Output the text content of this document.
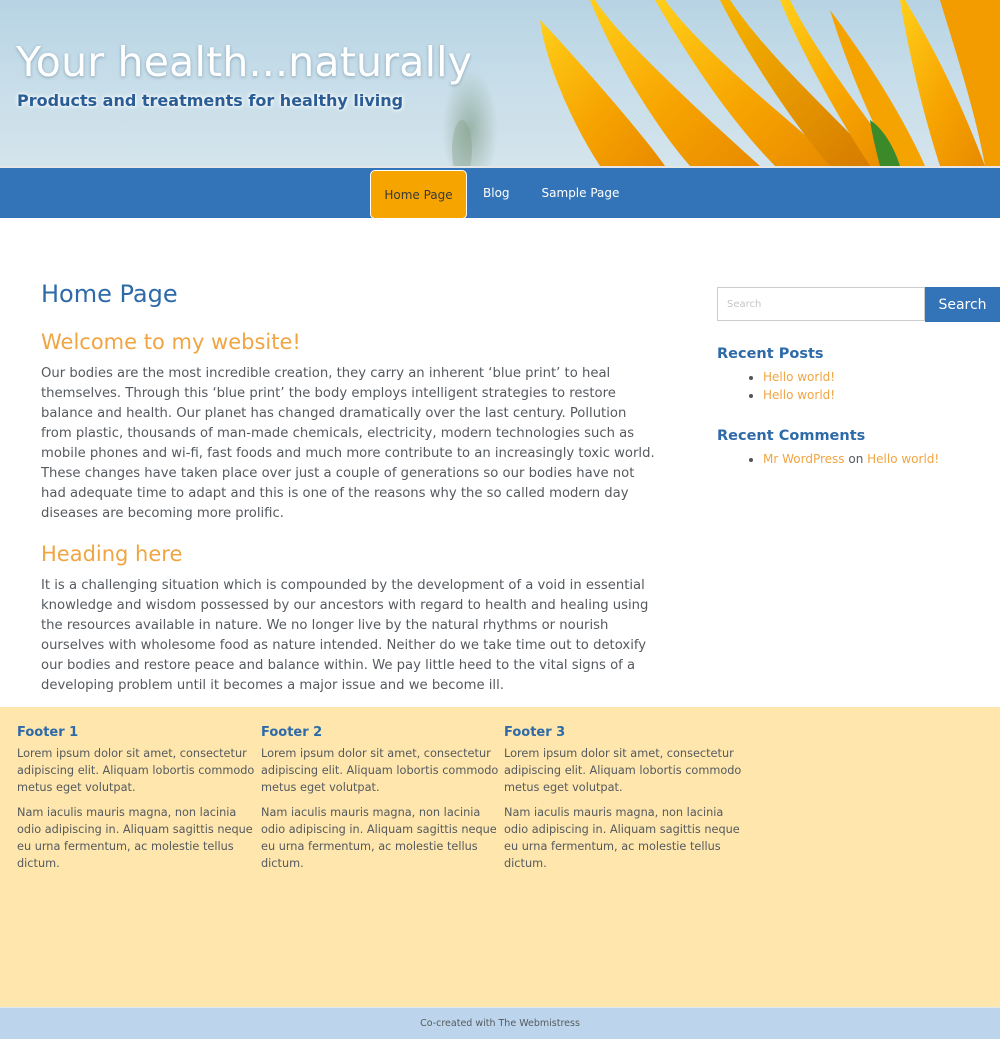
Your health...naturally
Products and treatments for healthy living
Home Page	Blog	Sample Page
Home Page
Welcome to my website!

Our bodies are the most incredible creation, they carry an inherent ‘blue print’ to heal themselves. Through this ‘blue print’ the body employs intelligent strategies to restore balance and health. Our planet has changed dramatically over the last century. Pollution from plastic, thousands of man-made chemicals, electricity, modern technologies such as mobile phones and wi-fi, fast foods and much more contribute to an increasingly toxic world. These changes have taken place over just a couple of generations so our bodies have not had adequate time to adapt and this is one of the reasons why the so called modern day diseases are becoming more prolific.

Heading here

It is a challenging situation which is compounded by the development of a void in essential knowledge and wisdom possessed by our ancestors with regard to health and healing using the resources available in nature. We no longer live by the natural rhythms or nourish ourselves with wholesome food as nature intended. Neither do we take time out to detoxify our bodies and restore peace and balance within. We pay little heed to the vital signs of a developing problem until it becomes a major issue and we become ill.

Search
Search
Recent Posts
• Hello world!
• Hello world!
Recent Comments
• Mr WordPress on Hello world!
Footer 1

Lorem ipsum dolor sit amet, consectetur adipiscing elit. Aliquam lobortis commodo metus eget volutpat.

Nam iaculis mauris magna, non lacinia odio adipiscing in. Aliquam sagittis neque eu urna fermentum, ac molestie tellus dictum.

Footer 2

Lorem ipsum dolor sit amet, consectetur adipiscing elit. Aliquam lobortis commodo metus eget volutpat.

Nam iaculis mauris magna, non lacinia odio adipiscing in. Aliquam sagittis neque eu urna fermentum, ac molestie tellus dictum.

Footer 3

Lorem ipsum dolor sit amet, consectetur adipiscing elit. Aliquam lobortis commodo metus eget volutpat.

Nam iaculis mauris magna, non lacinia odio adipiscing in. Aliquam sagittis neque eu urna fermentum, ac molestie tellus dictum.

Co-created with The Webmistress
